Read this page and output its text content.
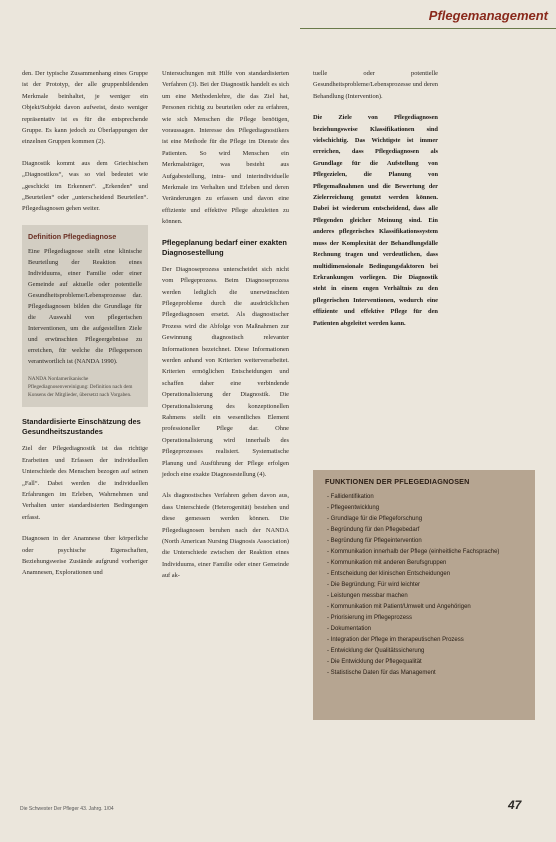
Pflegemanagement

den. Der typische Zusammenhang eines Gruppe ist der Prototyp, der alle gruppenbildenden Merkmale beinhaltet, je weniger ein Objekt/Subjekt davon aufweist, desto weniger repräsentativ ist es für die entsprechende Gruppe. Es kann jedoch zu Überlappungen der einzelnen Gruppen kommen (2).

Diagnostik kommt aus dem Griechischen „Diagnostikos“, was so viel bedeutet wie „geschickt im Erkennen“. „Erkenden“ und „Beurteilen“ oder „unterscheidend Beurteilen“. Pflegediagnosen gehen weiter.

Definition Pflegediagnose

Eine Pflegediagnose stellt eine klinische Beurteilung der Reaktion eines Individuums, einer Familie oder einer Gemeinde auf aktuelle oder potentielle Gesundheitsprobleme/Lebensprozesse dar. Pflegediagnosen bilden die Grundlage für die Auswahl von pflegerischen Interventionen, um die aufgestellten Ziele und erwünschten Pflegeergebnisse zu erreichen, für welche die Pflegeperson verantwortlich ist (NANDA 1990).

NANDA Nordamerikanische Pflegediagnosenvereinigung: Definition nach dem Konsens der Mitglieder, übersetzt nach Vorgaben.
Standardisierte Einschätzung des Gesundheitszustandes

Ziel der Pflegediagnostik ist das richtige Erarbeiten und Erfassen der individuellen Unterschiede des Menschen bezogen auf seinen „Fall“. Dabei werden die individuellen Erfahrungen im Erleben, Wahrnehmen und Verhalten unter standardisierten Bedingungen erfasst.

Diagnosen in der Anamnese über körperliche oder psychische Eigenschaften, Beziehungsweise Zustände aufgrund vorheriger Anamnesen, Explorationen und

Untersuchungen mit Hilfe von standardisierten Verfahren (3). Bei der Diagnostik handelt es sich um eine Methodenlehre, die das Ziel hat, Personen richtig zu beurteilen oder zu erfahren, wie sich Menschen die Pflege benötigen, voraussagen. Interesse des Pflegediagnostikers ist eine Methode für die Pflege im Dienste des Patienten. So wird Menschen ein Merkmalsträger, was besteht aus Aufgabestellung, intra- und interindividuelle Merkmale im Verhalten und Erleben und deren Veränderungen zu erfassen und davon eine effiziente und effektive Pflege abzuleiten zu können.

Pflegeplanung bedarf einer exakten Diagnosestellung

Der Diagnoseprozess unterscheidet sich nicht vom Pflegeprozess. Beim Diagnoseprozess werden lediglich die unerwünschten Pflegeprobleme durch die ausdrücklichen Pflegediagnosen ersetzt. Als diagnostischer Prozess wird die Abfolge von Maßnahmen zur Gewinnung diagnostisch relevanter Informationen bezeichnet. Diese Informationen werden anhand von Kriterien weiterverarbeitet. Kriterien ermöglichen Entscheidungen und schaffen daher eine verbindende Operationalisierung der Diagnostik. Die Operationalisierung des konzeptionellen Rahmens stellt ein wesentliches Element professioneller Pflege dar. Ohne Operationalisierung wird innerhalb des Pflegeprozesses realisiert. Systematische Planung und Ausführung der Pflege erfolgen jedoch eine exakte Diagnosestellung (4).

Als diagnostisches Verfahren gehen davon aus, dass Unterschiede (Heterogenität) bestehen und diese gemessen werden können. Die Pflegediagnosen beruhen nach der NANDA (North American Nursing Diagnosis Association) die Unterschiede zwischen der Reaktion eines Individuums, einer Familie oder einer Gemeinde auf ak-

tuelle oder potentielle Gesundheitsprobleme/Lebensprozesse und deren Behandlung (Intervention).

Die Ziele von Pflegediagnosen beziehungsweise Klassifikationen sind vielschichtig. Das Wichtigste ist immer erreichen, dass Pflegediagnosen als Grundlage für die Aufstellung von Pflegezielen, die Planung von Pflegemaßnahmen und die Bewertung der Zielerreichung genutzt werden können. Dabei ist wiederum entscheidend, dass alle Pflegenden gleicher Meinung sind. Ein anderes pflegerisches Klassifikationssystem muss der Komplexität der Behandlungsfälle Rechnung tragen und verdeutlichen, dass multidimensionale Bedingungsfaktoren bei Erkrankungen vorliegen. Die Diagnostik steht in einem engen Verhältnis zu den pflegerischen Interventionen, wodurch eine effiziente und effektive Pflege für den Patienten abgeleitet werden kann.

FUNKTIONEN DER PFLEGEDIAGNOSEN
- Fallidentifikation
- Pflegeentwicklung
- Grundlage für die Pflegeforschung
- Begründung für den Pflegebedarf
- Begründung für Pflegeintervention
- Kommunikation innerhalb der Pflege (einheitliche Fachsprache)
- Kommunikation mit anderen Berufsgruppen
- Entscheidung der klinischen Entscheidungen
- Die Begründung; Für wird leichter
- Leistungen messbar machen
- Kommunikation mit Patient/Umwelt und Angehörigen
- Priorisierung im Pflegeprozess
- Dokumentation
- Integration der Pflege im therapeutischen Prozess
- Entwicklung der Qualitätssicherung
- Die Entwicklung der Pflegequalität
- Statistische Daten für das Management
Die Schwester Der Pfleger 43. Jahrg. 1/04	47
